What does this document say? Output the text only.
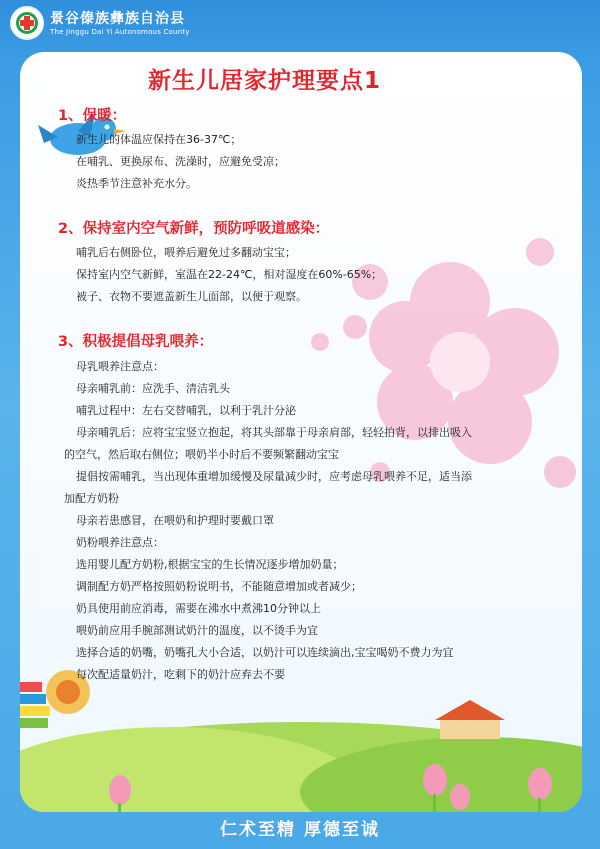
景谷傣族彝族自治县
The Jinggu Dai Yi Autonomous County
新生儿居家护理要点1
1、保暖：
新生儿的体温应保持在36-37℃；
在哺乳、更换尿布、洗澡时，应避免受凉；
炎热季节注意补充水分。
2、保持室内空气新鲜，预防呼吸道感染：
哺乳后右侧卧位，喂养后避免过多翻动宝宝；
保持室内空气新鲜，室温在22-24℃，相对湿度在60%-65%；
被子、衣物不要遮盖新生儿面部，以便于观察。
3、积极提倡母乳喂养：
母乳喂养注意点：
母亲哺乳前：应洗手、清洁乳头
哺乳过程中：左右交替哺乳，以利于乳汁分泌
母亲哺乳后：应将宝宝竖立抱起，将其头部靠于母亲肩部，轻轻拍背，以排出吸入
的空气，然后取右侧位；喂奶半小时后不要频繁翻动宝宝
提倡按需哺乳，当出现体重增加缓慢及尿量减少时，应考虑母乳喂养不足，适当添
加配方奶粉
母亲若患感冒，在喂奶和护理时要戴口罩
奶粉喂养注意点：
选用婴儿配方奶粉,根据宝宝的生长情况逐步增加奶量；
调制配方奶严格按照奶粉说明书，不能随意增加或者减少；
奶具使用前应消毒，需要在沸水中煮沸10分钟以上
喂奶前应用手腕部测试奶汁的温度，以不烫手为宜
选择合适的奶嘴，奶嘴孔大小合适，以奶汁可以连续滴出,宝宝喝奶不费力为宜
每次配适量奶汁，吃剩下的奶汁应弃去不要
仁术至精 厚德至诚
